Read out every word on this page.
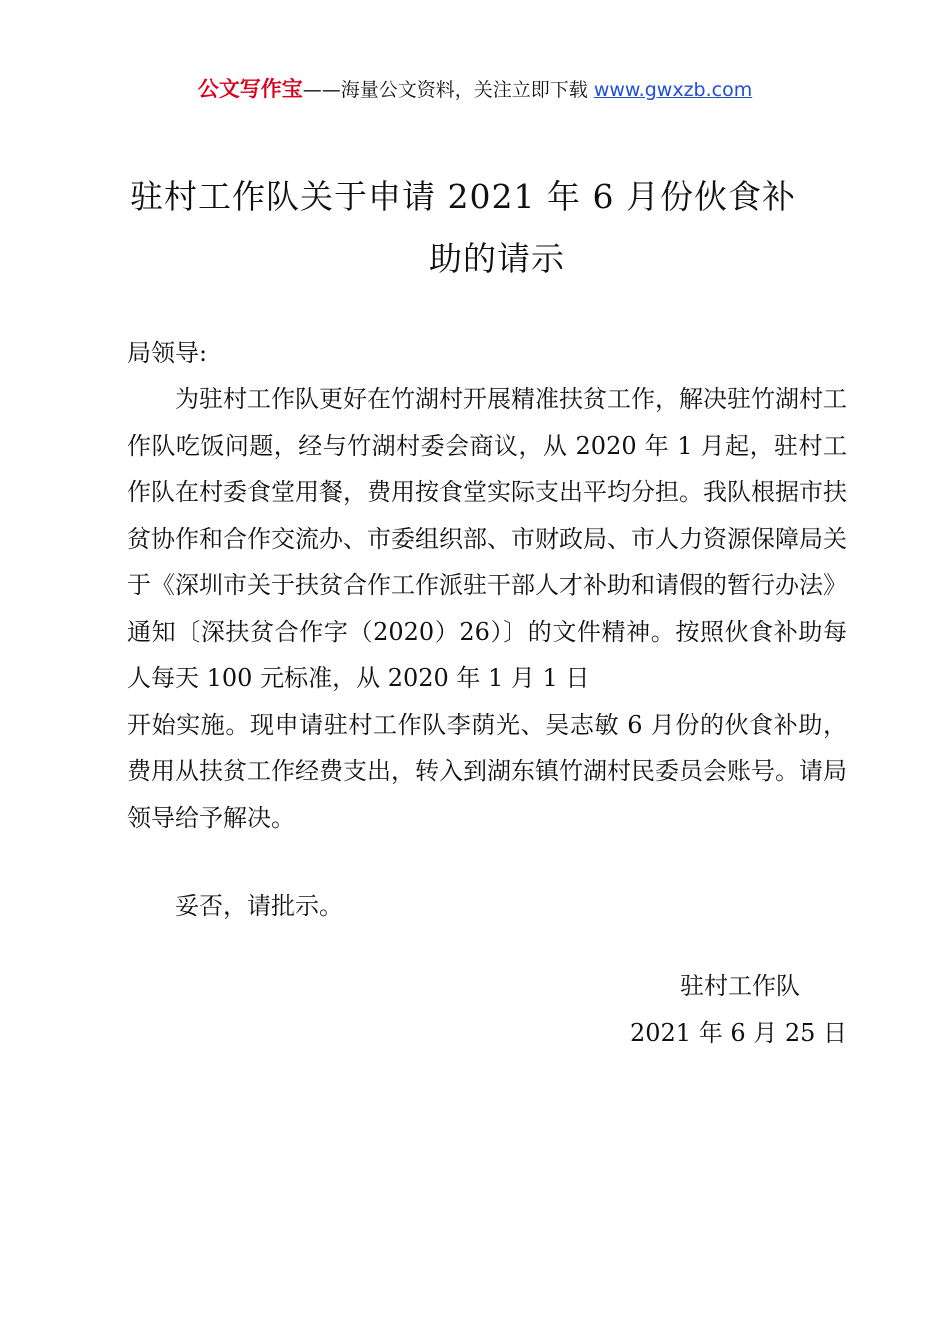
公文写作宝——海量公文资料，关注立即下载 www.gwxzb.com
驻村工作队关于申请 2021 年 6 月份伙食补
助的请示
局领导:

为驻村工作队更好在竹湖村开展精准扶贫工作，解决驻竹湖村工作队吃饭问题，经与竹湖村委会商议，从 2020 年 1 月起，驻村工作队在村委食堂用餐，费用按食堂实际支出平均分担。我队根据市扶贫协作和合作交流办、市委组织部、市财政局、市人力资源保障局关于《深圳市关于扶贫合作工作派驻干部人才补助和请假的暂行办法》通知〔深扶贫合作字（2020）26）〕的文件精神。按照伙食补助每人每天 100 元标准，从 2020 年 1 月 1 日

开始实施。现申请驻村工作队李荫光、吴志敏 6 月份的伙食补助，费用从扶贫工作经费支出，转入到湖东镇竹湖村民委员会账号。请局领导给予解决。

妥否，请批示。

驻村工作队
2021 年 6 月 25 日
